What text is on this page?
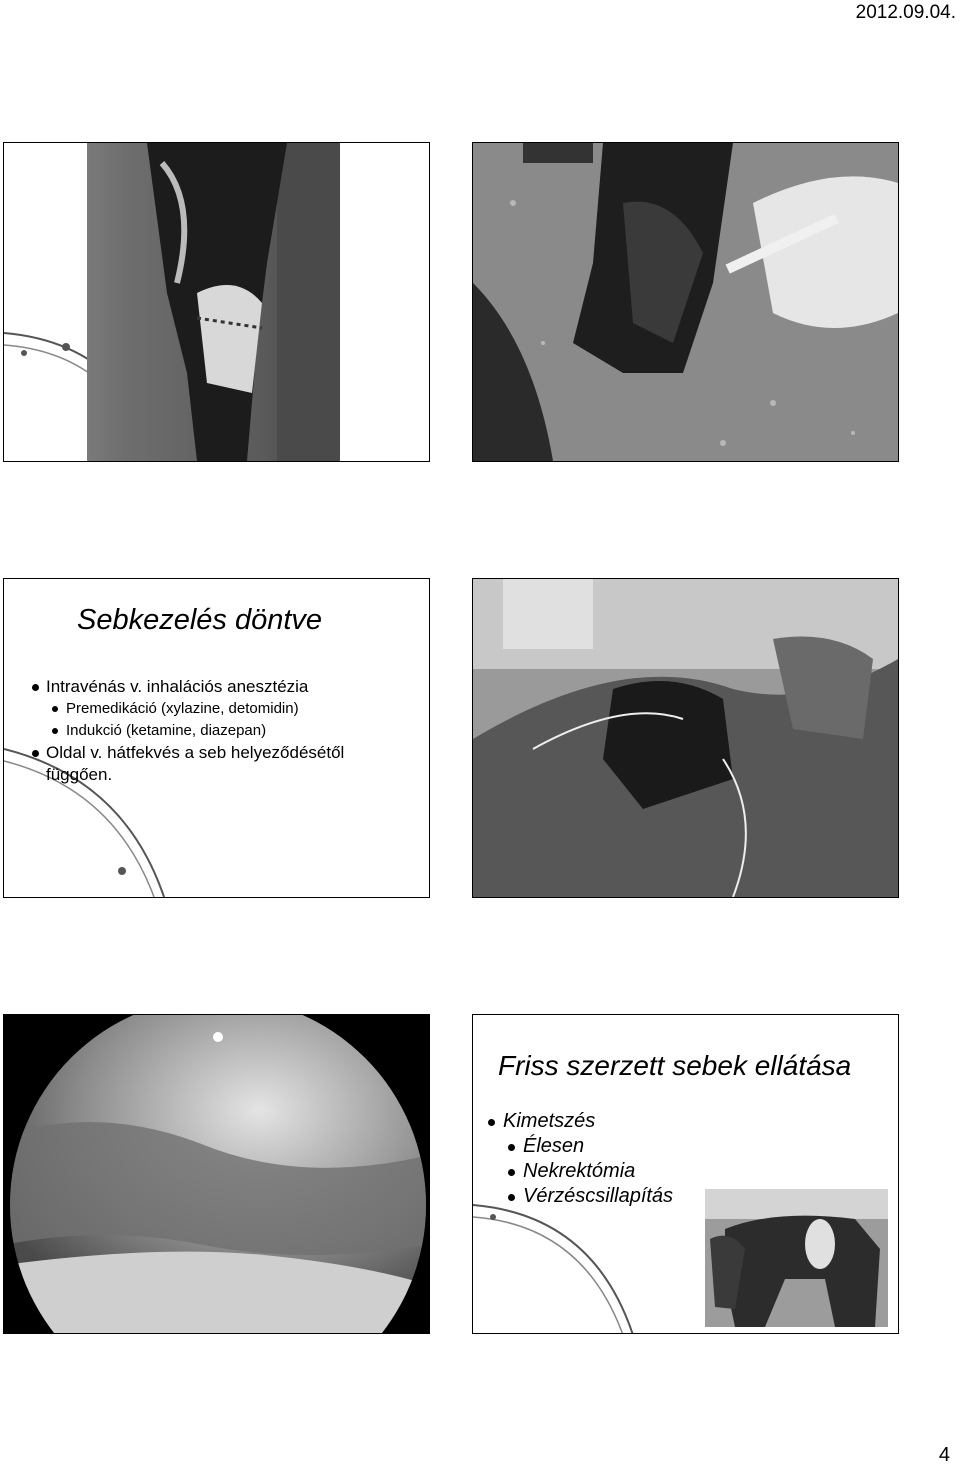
2012.09.04.
Sebkezelés döntve
Intravénás v. inhalációs anesztézia
Premedikáció (xylazine, detomidin)
Indukció (ketamine, diazepan)
Oldal v. hátfekvés a seb helyeződésétől
függően.
Friss szerzett sebek ellátása
Kimetszés
Élesen
Nekrektómia
Vérzéscsillapítás
4
